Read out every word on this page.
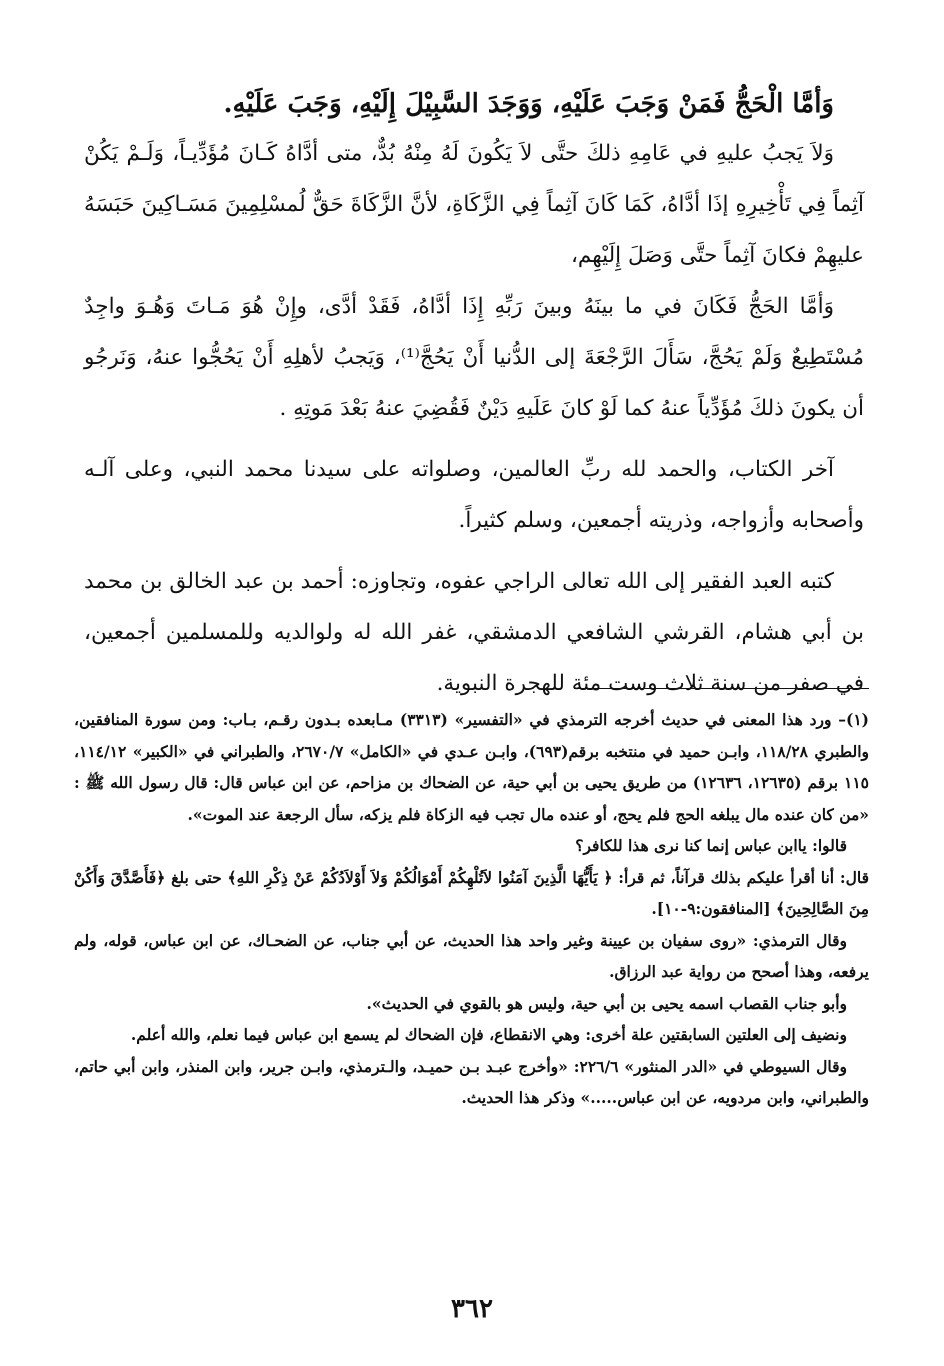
وَأمَّا الْحَجُّ فَمَنْ وَجَبَ عَلَيْهِ، وَوَجَدَ السَّبِيْلَ إِلَيْهِ، وَجَبَ عَلَيْهِ.

وَلاَ يَجبُ عليهِ في عَامِهِ ذلكَ حتَّى لاَ يَكُونَ لَهُ مِنْهُ بُدٌّ، متى أدَّاهُ كَـانَ مُؤَدِّيـاً، وَلَـمْ يَكُنْ آثِماً فِي تَأْخِيرِهِ إذَا أدَّاهُ، كَمَا كَانَ آثِماً فِي الزَّكَاةِ، لأنَّ الزَّكَاةَ حَقٌّ لُمسْلِمِينَ مَسَـاكِينَ حَبَسَهُ عليهِمْ فكانَ آثِماً حتَّى وَصَلَ إِلَيْهِم،

وَأمَّا الحَجُّ فَكَانَ في ما بينَهُ وبينَ رَبِّهِ إِذَا أدَّاهُ، فَقَدْ أدَّى، وإِنْ هُوَ مَـاتَ وَهُـوَ واجِدٌ مُسْتَطِيعٌ وَلَمْ يَحُجَّ، سَأَلَ الرَّجْعَةَ إلى الدُّنيا أَنْ يَحُجَّ⁽¹⁾، وَيَجبُ لأهلِهِ أَنْ يَحُجُّوا عنهُ، وَنَرجُو أن يكونَ ذلكَ مُؤَدِّياً عنهُ كما لَوْ كانَ عَلَيهِ دَيْنٌ فَقُضِيَ عنهُ بَعْدَ مَوتِهِ .

آخر الكتاب، والحمد لله ربِّ العالمين، وصلواته على سيدنا محمد النبي، وعلى آلـه وأصحابه وأزواجه، وذريته أجمعين، وسلم كثيراً.

كتبه العبد الفقير إلى الله تعالى الراجي عفوه، وتجاوزه: أحمد بن عبد الخالق بن محمد بن أبي هشام، القرشي الشافعي الدمشقي، غفر الله له ولوالديه وللمسلمين أجمعين، في صفر من سنة ثلاث وست مئة للهجرة النبوية.

(١)– ورد هذا المعنى في حديث أخرجه الترمذي في «التفسير» (٣٣١٣) مـابعده بـدون رقـم، بـاب: ومن سورة المنافقين، والطبري ١١٨/٢٨، وابـن حميد في منتخبه برقم(٦٩٣)، وابـن عـدي في «الكامل» ٢٦٧٠/٧، والطبراني في «الكبير» ١١٤/١٢، ١١٥ برقم (١٢٦٣٥، ١٢٦٣٦) من طريق يحيى بن أبي حية، عن الضحاك بن مزاحم، عن ابن عباس قال: قال رسول الله ﷺ : «من كان عنده مال يبلغه الحج فلم يحج، أو عنده مال تجب فيه الزكاة فلم يزكه، سأل الرجعة عند الموت».

قالوا: ياابن عباس إنما كنا نرى هذا للكافر؟

قال: أنا أقرأ عليكم بذلك قرآناً، ثم قرأ: ﴿ يَأَيُّهَا الَّذِينَ آمَنُوا لاَتُلْهِكُمْ أَمْوَالُكُمْ وَلاَ أَوْلاَدُكُمْ عَنْ ذِكْرِ اللهِ﴾ حتى بلغ ﴿فَأَصَّدَّقَ وَأَكُنْ مِنَ الصَّالِحِينَ﴾ [المنافقون:٩-١٠].

وقال الترمذي: «روى سفيان بن عيينة وغير واحد هذا الحديث، عن أبي جناب، عن الضحـاك، عن ابن عباس، قوله، ولم يرفعه، وهذا أصحح من رواية عبد الرزاق.

وأبو جناب القصاب اسمه يحيى بن أبي حية، وليس هو بالقوي في الحديث».

ونضيف إلى العلتين السابقتين علة أخرى: وهي الانقطاع، فإن الضحاك لم يسمع ابن عباس فيما نعلم، والله أعلم.

وقال السيوطي في «الدر المنثور» ٢٢٦/٦: «وأخرج عبـد بـن حميـد، والـترمذي، وابـن جرير، وابن المنذر، وابن أبي حاتم، والطبراني، وابن مردويه، عن ابن عباس.....» وذكر هذا الحديث.

٣٦٢
